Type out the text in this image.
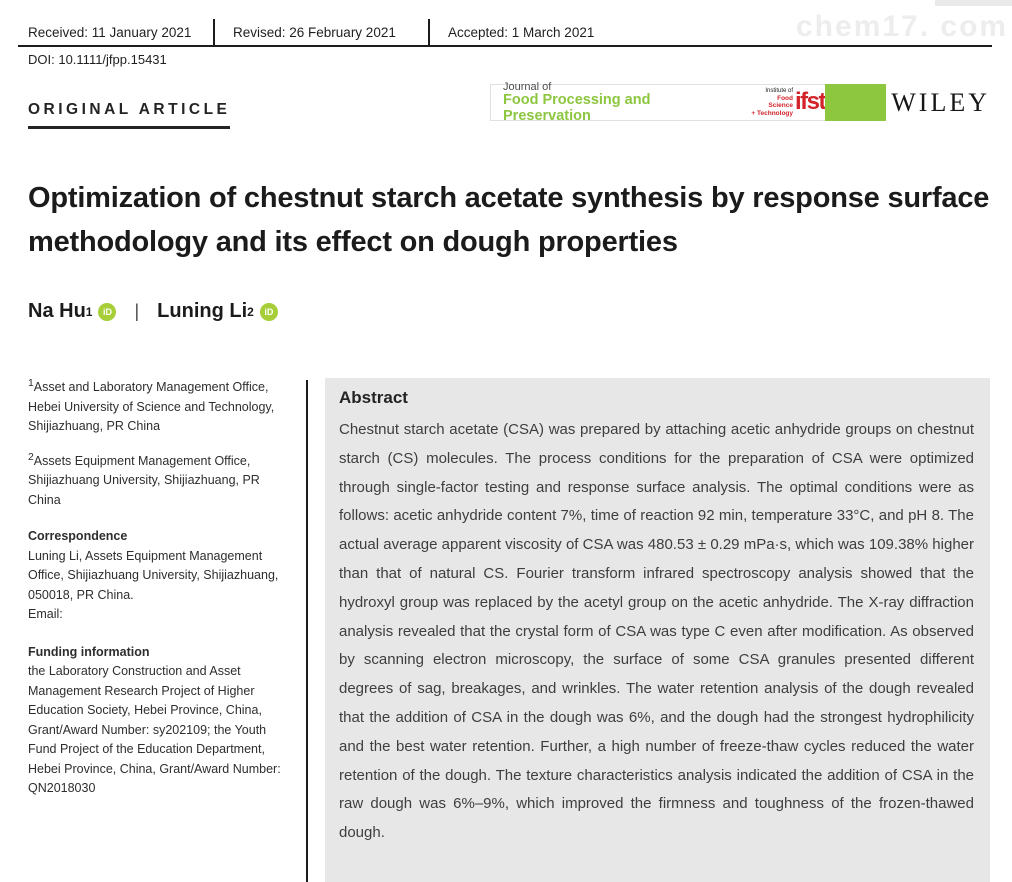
chem17. com
Received: 11 January 2021	Revised: 26 February 2021	Accepted: 1 March 2021
DOI: 10.1111/jfpp.15431
ORIGINAL ARTICLE
Journal of
Food Processing and Preservation
Institute of
Food Science
+ Technology ifst	WILEY
Optimization of chestnut starch acetate synthesis by response surface methodology and its effect on dough properties
Na Hu 1	iD | Luning Li 2	iD

$^1$Asset and Laboratory Management Office, Hebei University of Science and Technology, Shijiazhuang, PR China

$^2$Assets Equipment Management Office, Shijiazhuang University, Shijiazhuang, PR China

Correspondence

Luning Li, Assets Equipment Management Office, Shijiazhuang University, Shijiazhuang, 050018, PR China.

Email:

Funding information

the Laboratory Construction and Asset Management Research Project of Higher Education Society, Hebei Province, China, Grant/Award Number: sy202109; the Youth Fund Project of the Education Department, Hebei Province, China, Grant/Award Number: QN2018030

Abstract

Chestnut starch acetate (CSA) was prepared by attaching acetic anhydride groups on chestnut starch (CS) molecules. The process conditions for the preparation of CSA were optimized through single-factor testing and response surface analysis. The optimal conditions were as follows: acetic anhydride content 7%, time of reaction 92 min, temperature 33°C, and pH 8. The actual average apparent viscosity of CSA was 480.53 ± 0.29 mPa·s, which was 109.38% higher than that of natural CS. Fourier transform infrared spectroscopy analysis showed that the hydroxyl group was replaced by the acetyl group on the acetic anhydride. The X-ray diffraction analysis revealed that the crystal form of CSA was type C even after modification. As observed by scanning electron microscopy, the surface of some CSA granules presented different degrees of sag, breakages, and wrinkles. The water retention analysis of the dough revealed that the addition of CSA in the dough was 6%, and the dough had the strongest hydrophilicity and the best water retention. Further, a high number of freeze-thaw cycles reduced the water retention of the dough. The texture characteristics analysis indicated the addition of CSA in the raw dough was 6%–9%, which improved the firmness and toughness of the frozen-thawed dough.
